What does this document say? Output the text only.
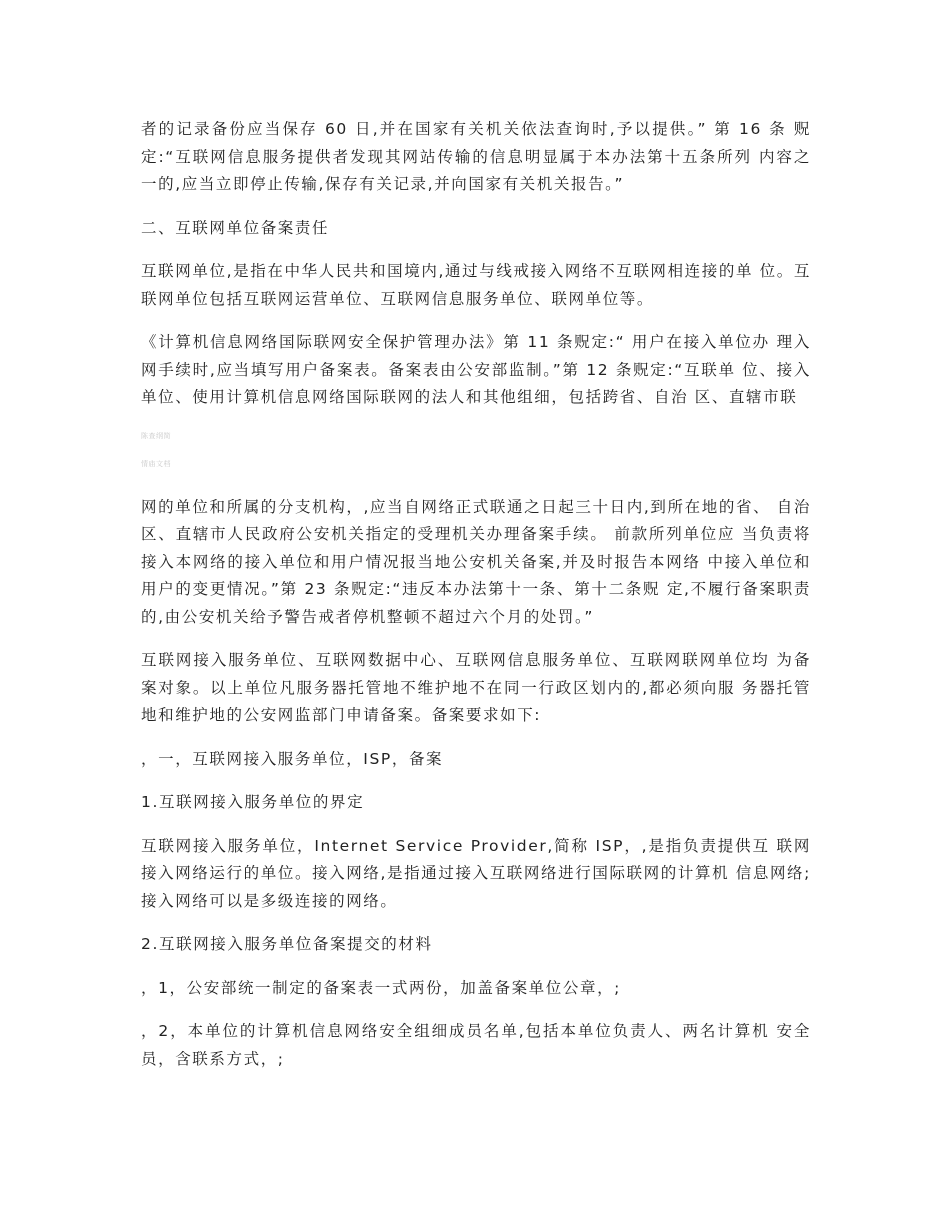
者的记录备份应当保存 60 日,并在国家有关机关依法查询时,予以提供。” 第 16 条 贶定:“互联网信息服务提供者发现其网站传输的信息明显属于本办法第十五条所列 内容之一的,应当立即停止传输,保存有关记录,并向国家有关机关报告。”

二、互联网单位备案责任

互联网单位,是指在中华人民共和国境内,通过与线戒接入网络不互联网相连接的单 位。互联网单位包括互联网运营单位、互联网信息服务单位、联网单位等。

《计算机信息网络国际联网安全保护管理办法》第 11 条贶定:“ 用户在接入单位办 理入网手续时,应当填写用户备案表。备案表由公安部监制。”第 12 条贶定:“互联单 位、接入单位、使用计算机信息网络国际联网的法人和其他组细，包括跨省、自治 区、直辖市联

陈查纲简

情庙文档

网的单位和所属的分支机构，,应当自网络正式联通之日起三十日内,到所在地的省、 自治区、直辖市人民政府公安机关指定的受理机关办理备案手续。 前款所列单位应 当负责将接入本网络的接入单位和用户情况报当地公安机关备案,并及时报告本网络 中接入单位和用户的变更情况。”第 23 条贶定:“违反本办法第十一条、第十二条贶 定,不履行备案职责的,由公安机关给予警告戒者停机整顿不超过六个月的处罚。”

互联网接入服务单位、互联网数据中心、互联网信息服务单位、互联网联网单位均 为备案对象。以上单位凡服务器托管地不维护地不在同一行政区划内的,都必须向服 务器托管地和维护地的公安网监部门申请备案。备案要求如下:

，一，互联网接入服务单位，ISP，备案

1.互联网接入服务单位的界定

互联网接入服务单位，Internet Service Provider,简称 ISP，,是指负责提供互 联网接入网络运行的单位。接入网络,是指通过接入互联网络进行国际联网的计算机 信息网络;接入网络可以是多级连接的网络。

2.互联网接入服务单位备案提交的材料

，1，公安部统一制定的备案表一式两份，加盖备案单位公章，;

，2，本单位的计算机信息网络安全组细成员名单,包括本单位负责人、两名计算机 安全员，含联系方式，;
